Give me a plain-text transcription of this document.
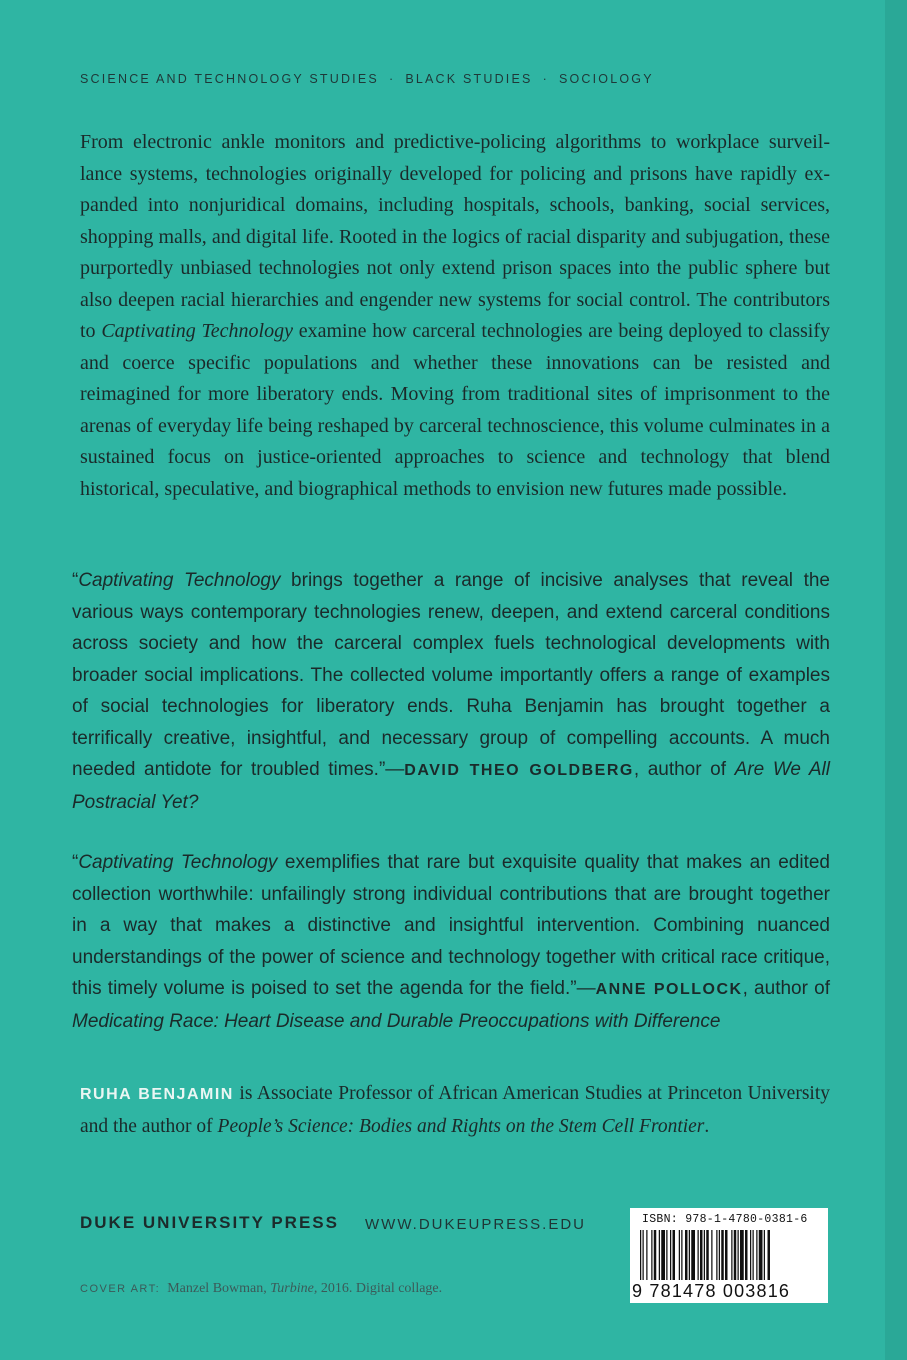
SCIENCE AND TECHNOLOGY STUDIES · BLACK STUDIES · SOCIOLOGY
From electronic ankle monitors and predictive-policing algorithms to workplace surveil-lance systems, technologies originally developed for policing and prisons have rapidly ex-panded into nonjuridical domains, including hospitals, schools, banking, social services, shopping malls, and digital life. Rooted in the logics of racial disparity and subjugation, these purportedly unbiased technologies not only extend prison spaces into the public sphere but also deepen racial hierarchies and engender new systems for social control. The contributors to Captivating Technology examine how carceral technologies are being deployed to classify and coerce specific populations and whether these innovations can be resisted and reimagined for more liberatory ends. Moving from traditional sites of imprisonment to the arenas of everyday life being reshaped by carceral technoscience, this volume culminates in a sustained focus on justice-oriented approaches to science and technology that blend historical, speculative, and biographical methods to envision new futures made possible.
“Captivating Technology brings together a range of incisive analyses that reveal the various ways contemporary technologies renew, deepen, and extend carceral conditions across society and how the carceral complex fuels technological developments with broader social implications. The collected volume importantly offers a range of examples of social technologies for liberatory ends. Ruha Benjamin has brought together a terrifically creative, insightful, and necessary group of compelling accounts. A much needed antidote for troubled times.”—DAVID THEO GOLDBERG, author of Are We All Postracial Yet?
“Captivating Technology exemplifies that rare but exquisite quality that makes an edited collection worthwhile: unfailingly strong individual contributions that are brought together in a way that makes a distinctive and insightful intervention. Combining nuanced understandings of the power of science and technology together with critical race critique, this timely volume is poised to set the agenda for the field.”—ANNE POLLOCK, author of Medicating Race: Heart Disease and Durable Preoccupations with Difference
RUHA BENJAMIN is Associate Professor of African American Studies at Princeton University and the author of People’s Science: Bodies and Rights on the Stem Cell Frontier.
DUKE UNIVERSITY PRESS WWW.DUKEUPRESS.EDU
COVER ART: Manzel Bowman, Turbine, 2016. Digital collage.
ISBN: 978-1-4780-0381-6
9 781478 003816
